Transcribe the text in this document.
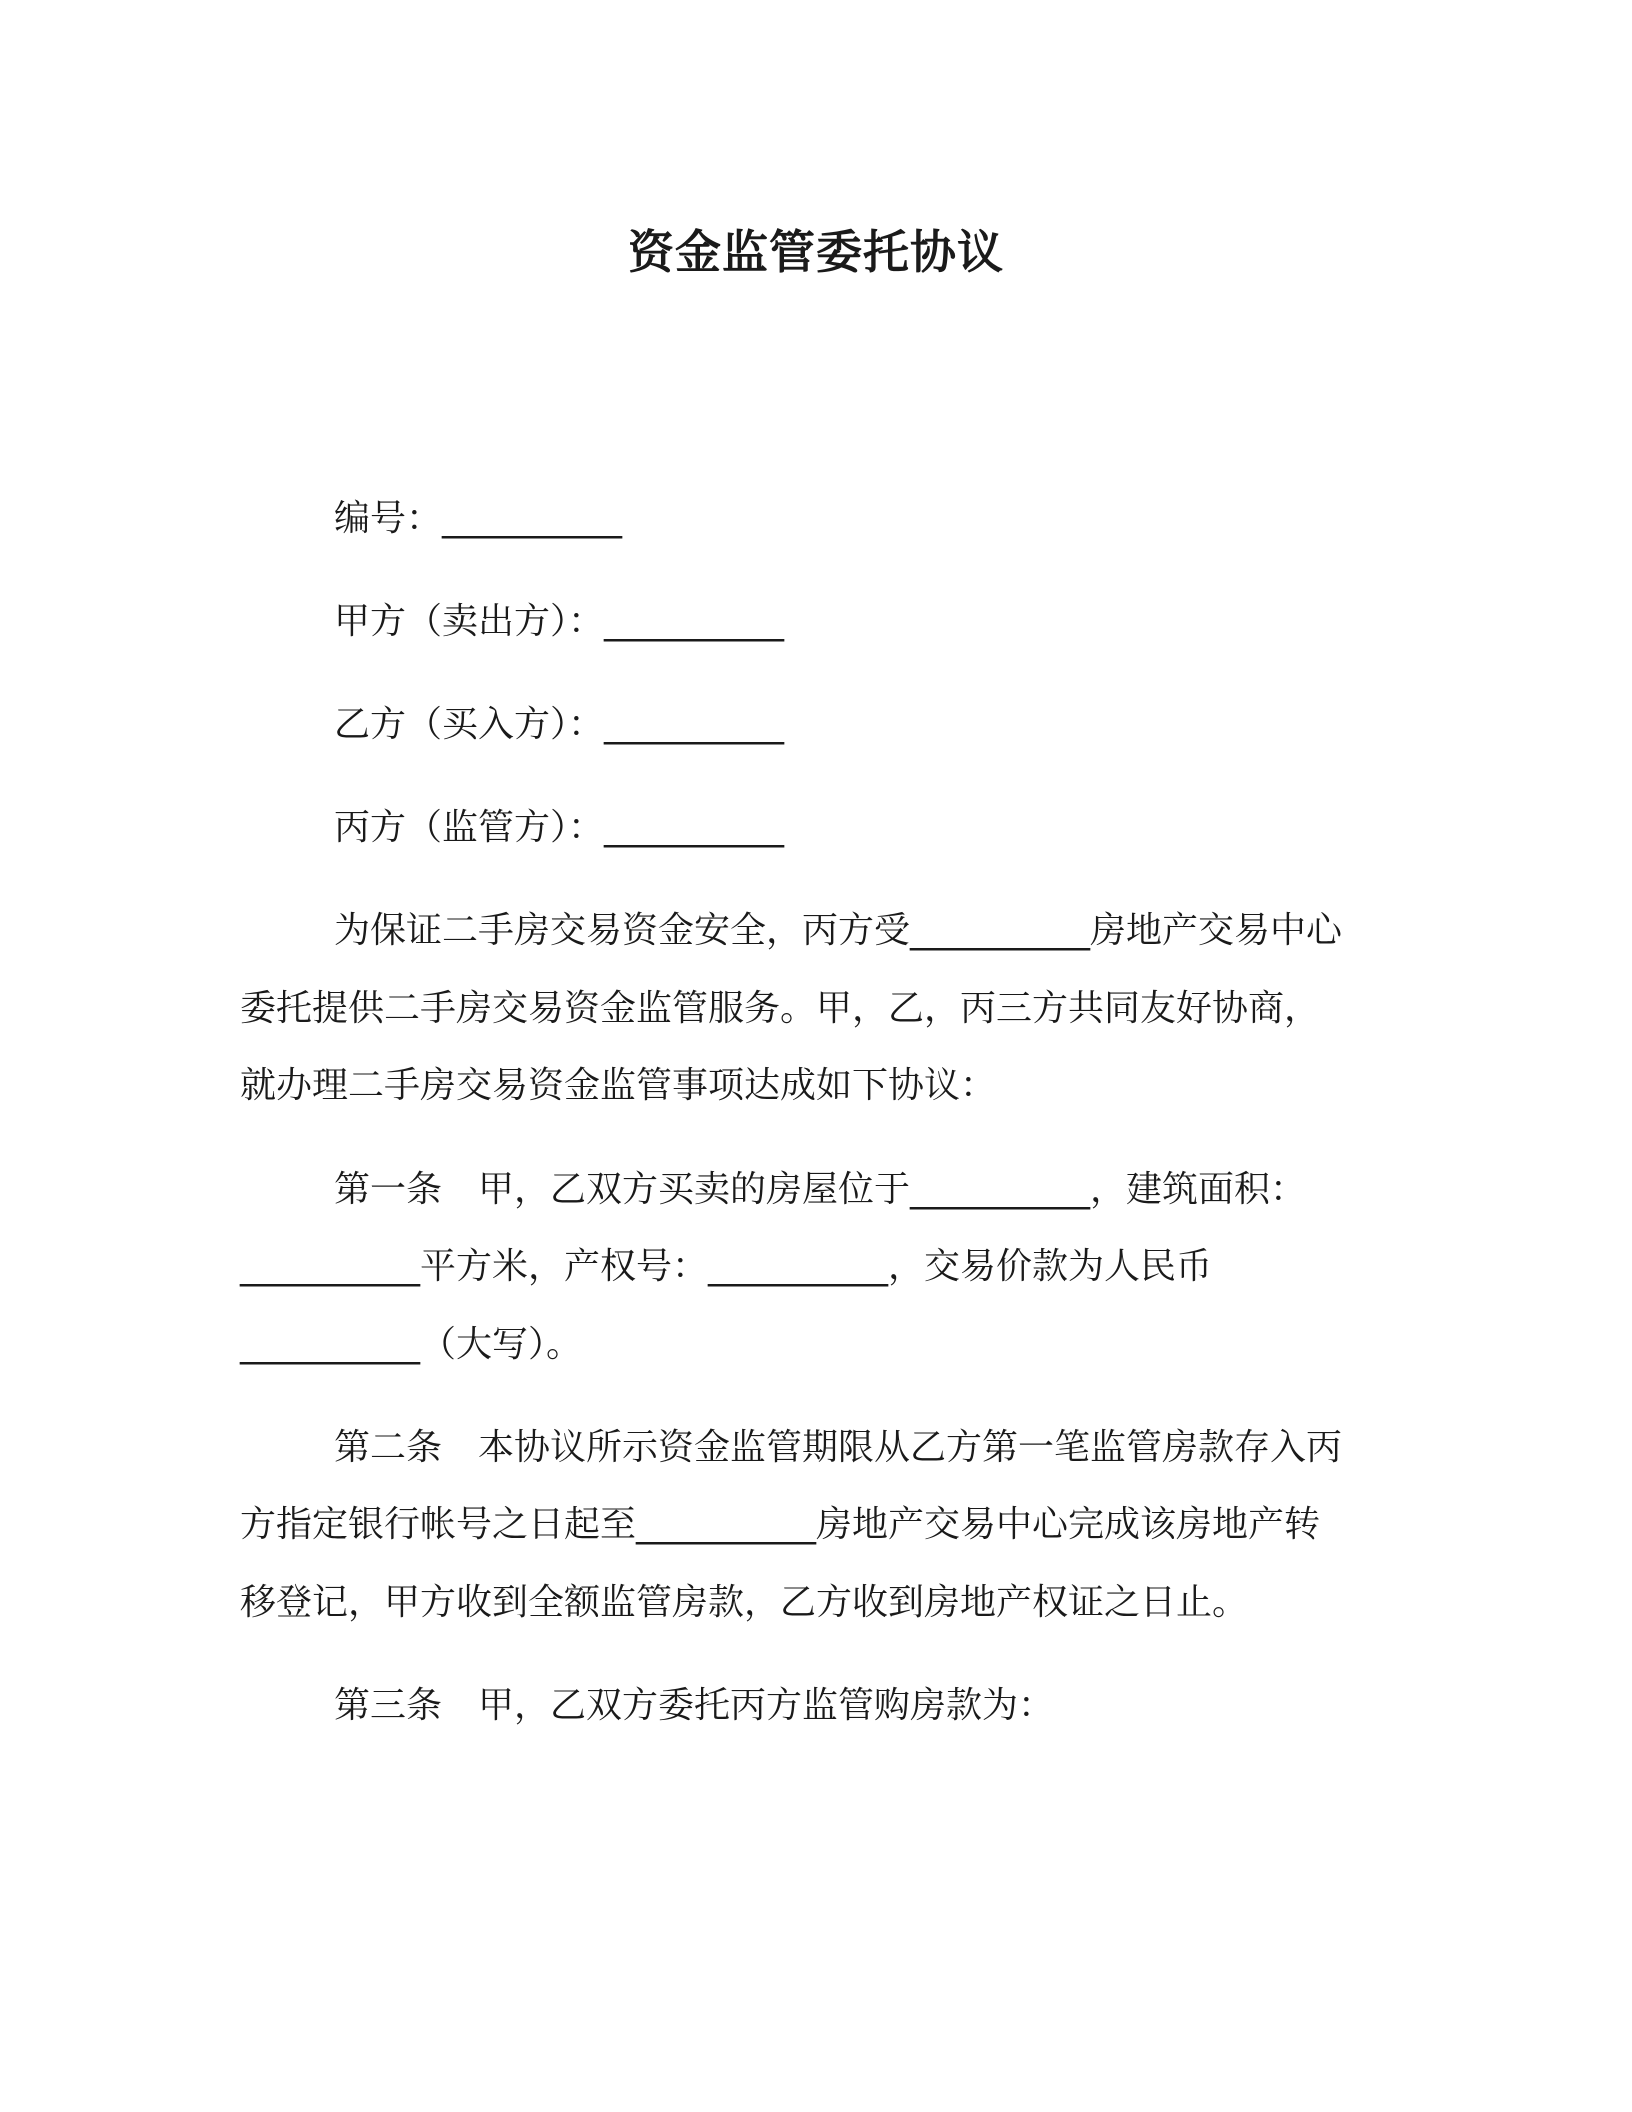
资金监管委托协议

编号：__________

甲方（卖出方）：__________

乙方（买入方）：__________

丙方（监管方）：__________

为保证二手房交易资金安全，丙方受__________房地产交易中心

委托提供二手房交易资金监管服务。甲，乙，丙三方共同友好协商，

就办理二手房交易资金监管事项达成如下协议：

第一条　甲，乙双方买卖的房屋位于__________，建筑面积：

__________平方米，产权号：__________，交易价款为人民币

__________（大写）。

第二条　本协议所示资金监管期限从乙方第一笔监管房款存入丙

方指定银行帐号之日起至__________房地产交易中心完成该房地产转

移登记，甲方收到全额监管房款，乙方收到房地产权证之日止。

第三条　甲，乙双方委托丙方监管购房款为：
